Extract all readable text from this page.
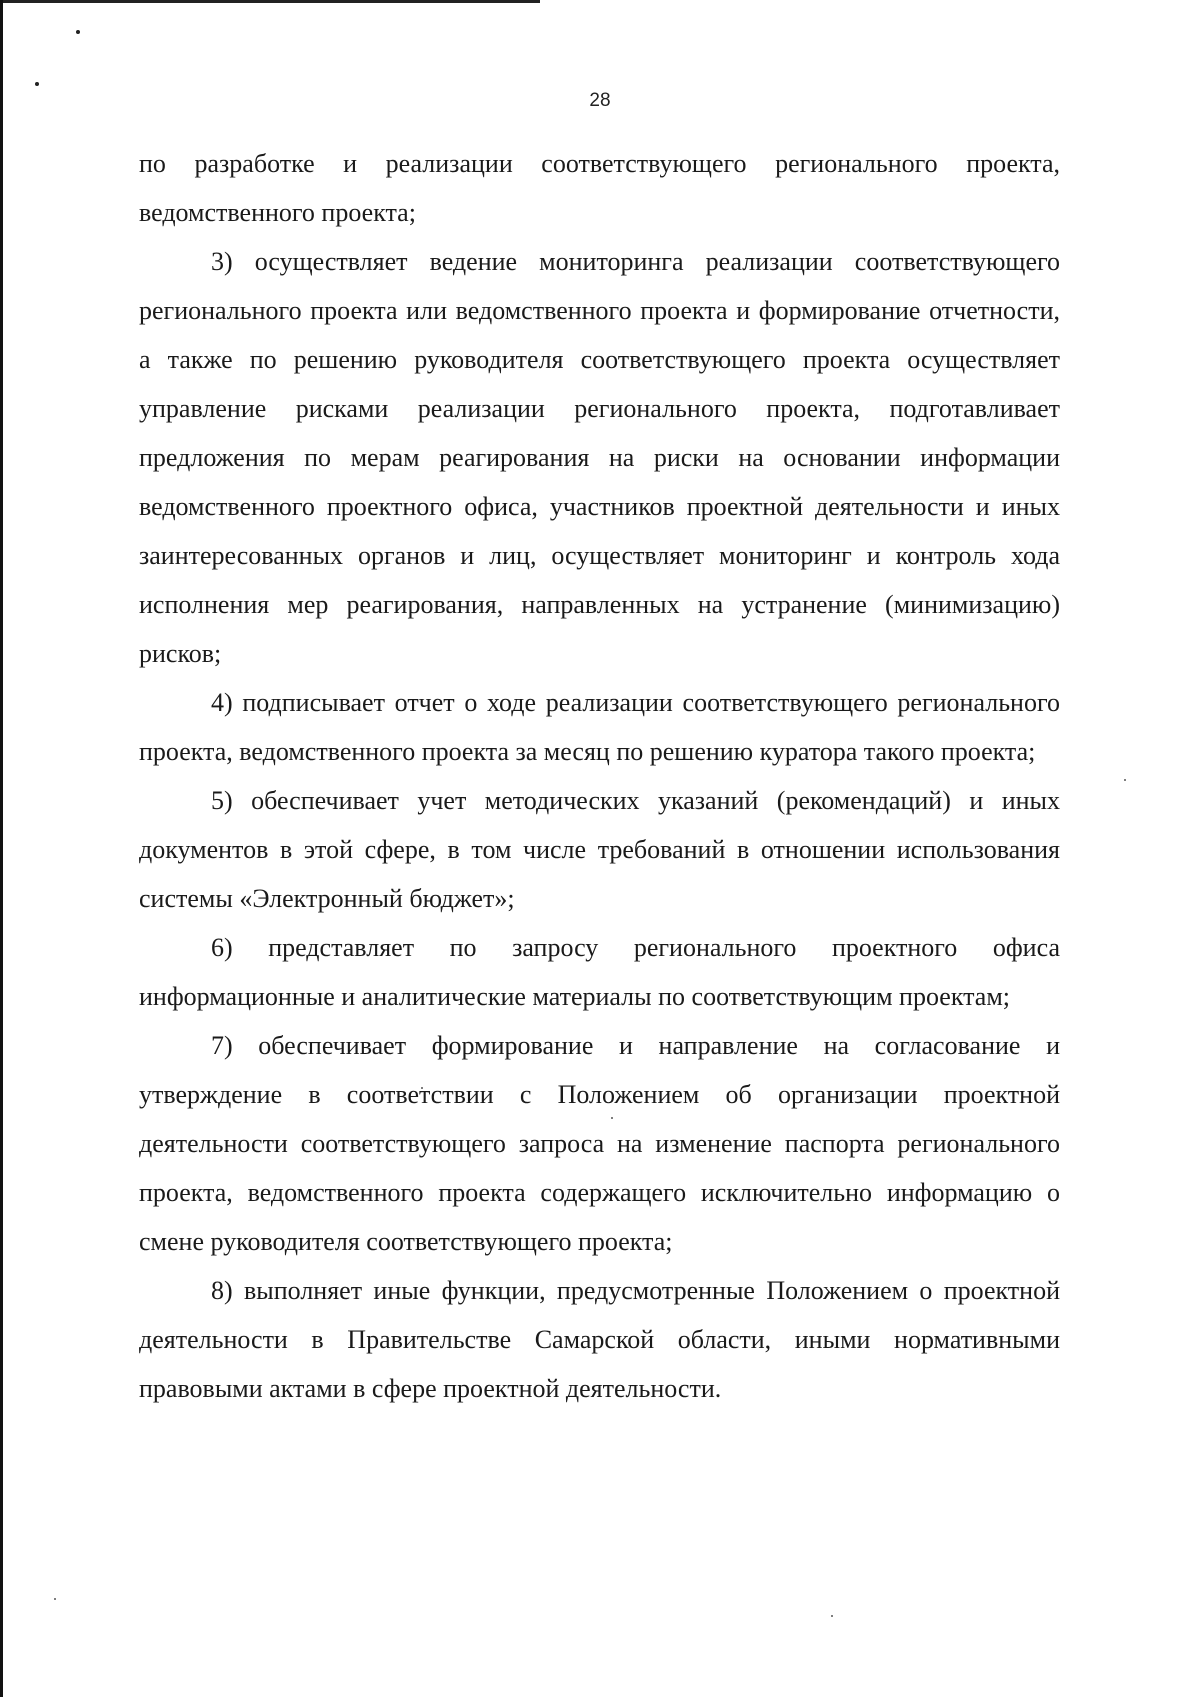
28

по разработке и реализации соответствующего регионального проекта, ведомственного проекта;

3) осуществляет ведение мониторинга реализации соответствующего регионального проекта или ведомственного проекта и формирование отчетности, а также по решению руководителя соответствующего проекта осуществляет управление рисками реализации регионального проекта, подготавливает предложения по мерам реагирования на риски на основании информации ведомственного проектного офиса, участников проектной деятельности и иных заинтересованных органов и лиц, осуществляет мониторинг и контроль хода исполнения мер реагирования, направленных на устранение (минимизацию) рисков;

4) подписывает отчет о ходе реализации соответствующего регионального проекта, ведомственного проекта за месяц по решению куратора такого проекта;

5) обеспечивает учет методических указаний (рекомендаций) и иных документов в этой сфере, в том числе требований в отношении использования системы «Электронный бюджет»;

6) представляет по запросу регионального проектного офиса информационные и аналитические материалы по соответствующим проектам;

7) обеспечивает формирование и направление на согласование и утверждение в соответствии с Положением об организации проектной деятельности соответствующего запроса на изменение паспорта регионального проекта, ведомственного проекта содержащего исключительно информацию о смене руководителя соответствующего проекта;

8) выполняет иные функции, предусмотренные Положением о проектной деятельности в Правительстве Самарской области, иными нормативными правовыми актами в сфере проектной деятельности.
